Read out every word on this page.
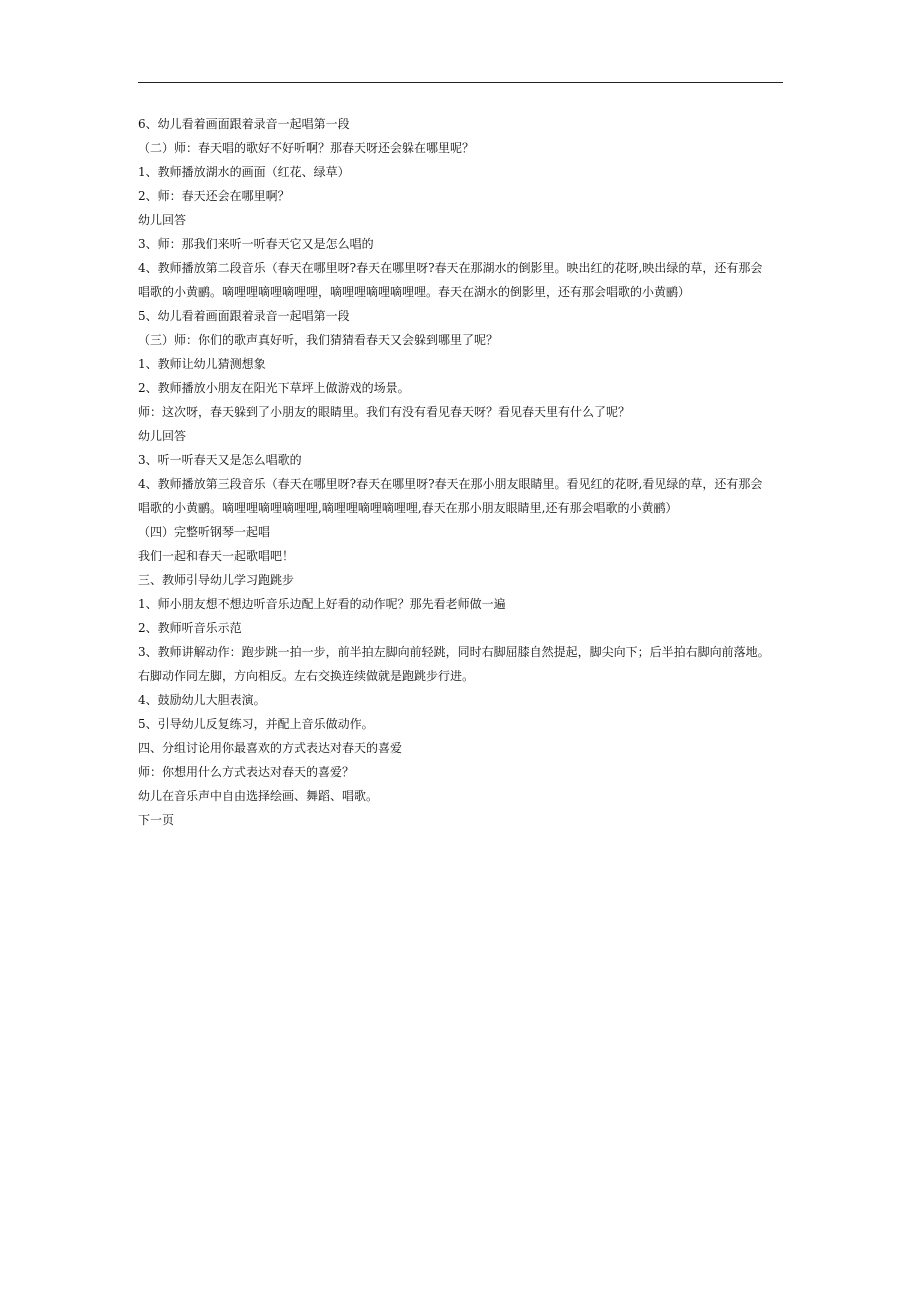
6、幼儿看着画面跟着录音一起唱第一段
（二）师：春天唱的歌好不好听啊？那春天呀还会躲在哪里呢？
1、教师播放湖水的画面（红花、绿草）
2、师：春天还会在哪里啊？
幼儿回答
3、师：那我们来听一听春天它又是怎么唱的
4、教师播放第二段音乐（春天在哪里呀?春天在哪里呀?春天在那湖水的倒影里。映出红的花呀,映出绿的草，还有那会
唱歌的小黄鹂。嘀哩哩嘀哩嘀哩哩，嘀哩哩嘀哩嘀哩哩。春天在湖水的倒影里，还有那会唱歌的小黄鹂）
5、幼儿看着画面跟着录音一起唱第一段
（三）师：你们的歌声真好听，我们猜猜看春天又会躲到哪里了呢？
1、教师让幼儿猜测想象
2、教师播放小朋友在阳光下草坪上做游戏的场景。
师：这次呀，春天躲到了小朋友的眼睛里。我们有没有看见春天呀？看见春天里有什么了呢？
幼儿回答
3、听一听春天又是怎么唱歌的
4、教师播放第三段音乐（春天在哪里呀?春天在哪里呀?春天在那小朋友眼睛里。看见红的花呀,看见绿的草，还有那会
唱歌的小黄鹂。嘀哩哩嘀哩嘀哩哩,嘀哩哩嘀哩嘀哩哩,春天在那小朋友眼睛里,还有那会唱歌的小黄鹂）
（四）完整听钢琴一起唱
我们一起和春天一起歌唱吧！
三、教师引导幼儿学习跑跳步
1、师小朋友想不想边听音乐边配上好看的动作呢？那先看老师做一遍
2、教师听音乐示范
3、教师讲解动作：跑步跳一拍一步，前半拍左脚向前轻跳，同时右脚屈膝自然提起，脚尖向下；后半拍右脚向前落地。
右脚动作同左脚，方向相反。左右交换连续做就是跑跳步行进。
4、鼓励幼儿大胆表演。
5、引导幼儿反复练习，并配上音乐做动作。
四、分组讨论用你最喜欢的方式表达对春天的喜爱
师：你想用什么方式表达对春天的喜爱？
幼儿在音乐声中自由选择绘画、舞蹈、唱歌。
下一页
